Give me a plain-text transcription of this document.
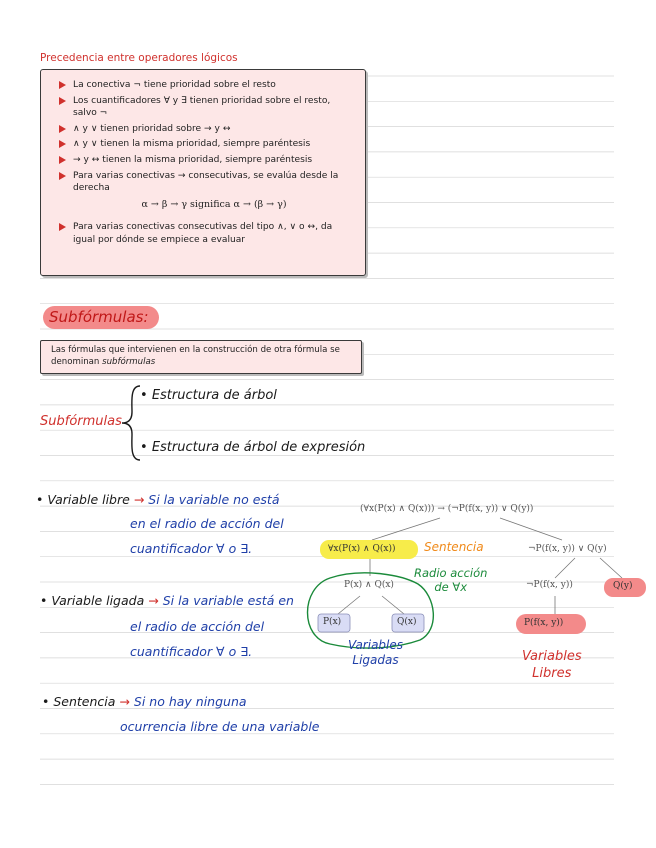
Precedencia entre operadores lógicos
La conectiva ¬ tiene prioridad sobre el resto
Los cuantificadores ∀ y ∃ tienen prioridad sobre el resto, salvo ¬
∧ y ∨ tienen prioridad sobre → y ↔
∧ y ∨ tienen la misma prioridad, siempre paréntesis
→ y ↔ tienen la misma prioridad, siempre paréntesis
Para varias conectivas → consecutivas, se evalúa desde la derecha
α → β → γ significa α → (β → γ)
Para varias conectivas consecutivas del tipo ∧, ∨ o ↔, da igual por dónde se empiece a evaluar
Subfórmulas:
Las fórmulas que intervienen en la construcción de otra fórmula se denominan subfórmulas
Subfórmulas
• Estructura de árbol
• Estructura de árbol de expresión
• Variable libre → Si la variable no está
en el radio de acción del
cuantificador ∀ o ∃.
• Variable ligada → Si la variable está en
el radio de acción del
cuantificador ∀ o ∃.
• Sentencia → Si no hay ninguna
ocurrencia libre de una variable
(∀x(P(x) ∧ Q(x))) → (¬P(f(x, y)) ∨ Q(y))
∀x(P(x) ∧ Q(x))	¬P(f(x, y)) ∨ Q(y)
P(x) ∧ Q(x)	¬P(f(x, y))	Q(y)
P(x)	Q(x)	P(f(x, y))
Sentencia
Radio acción
de ∀x
Variables
Ligadas	Variables
Libres
